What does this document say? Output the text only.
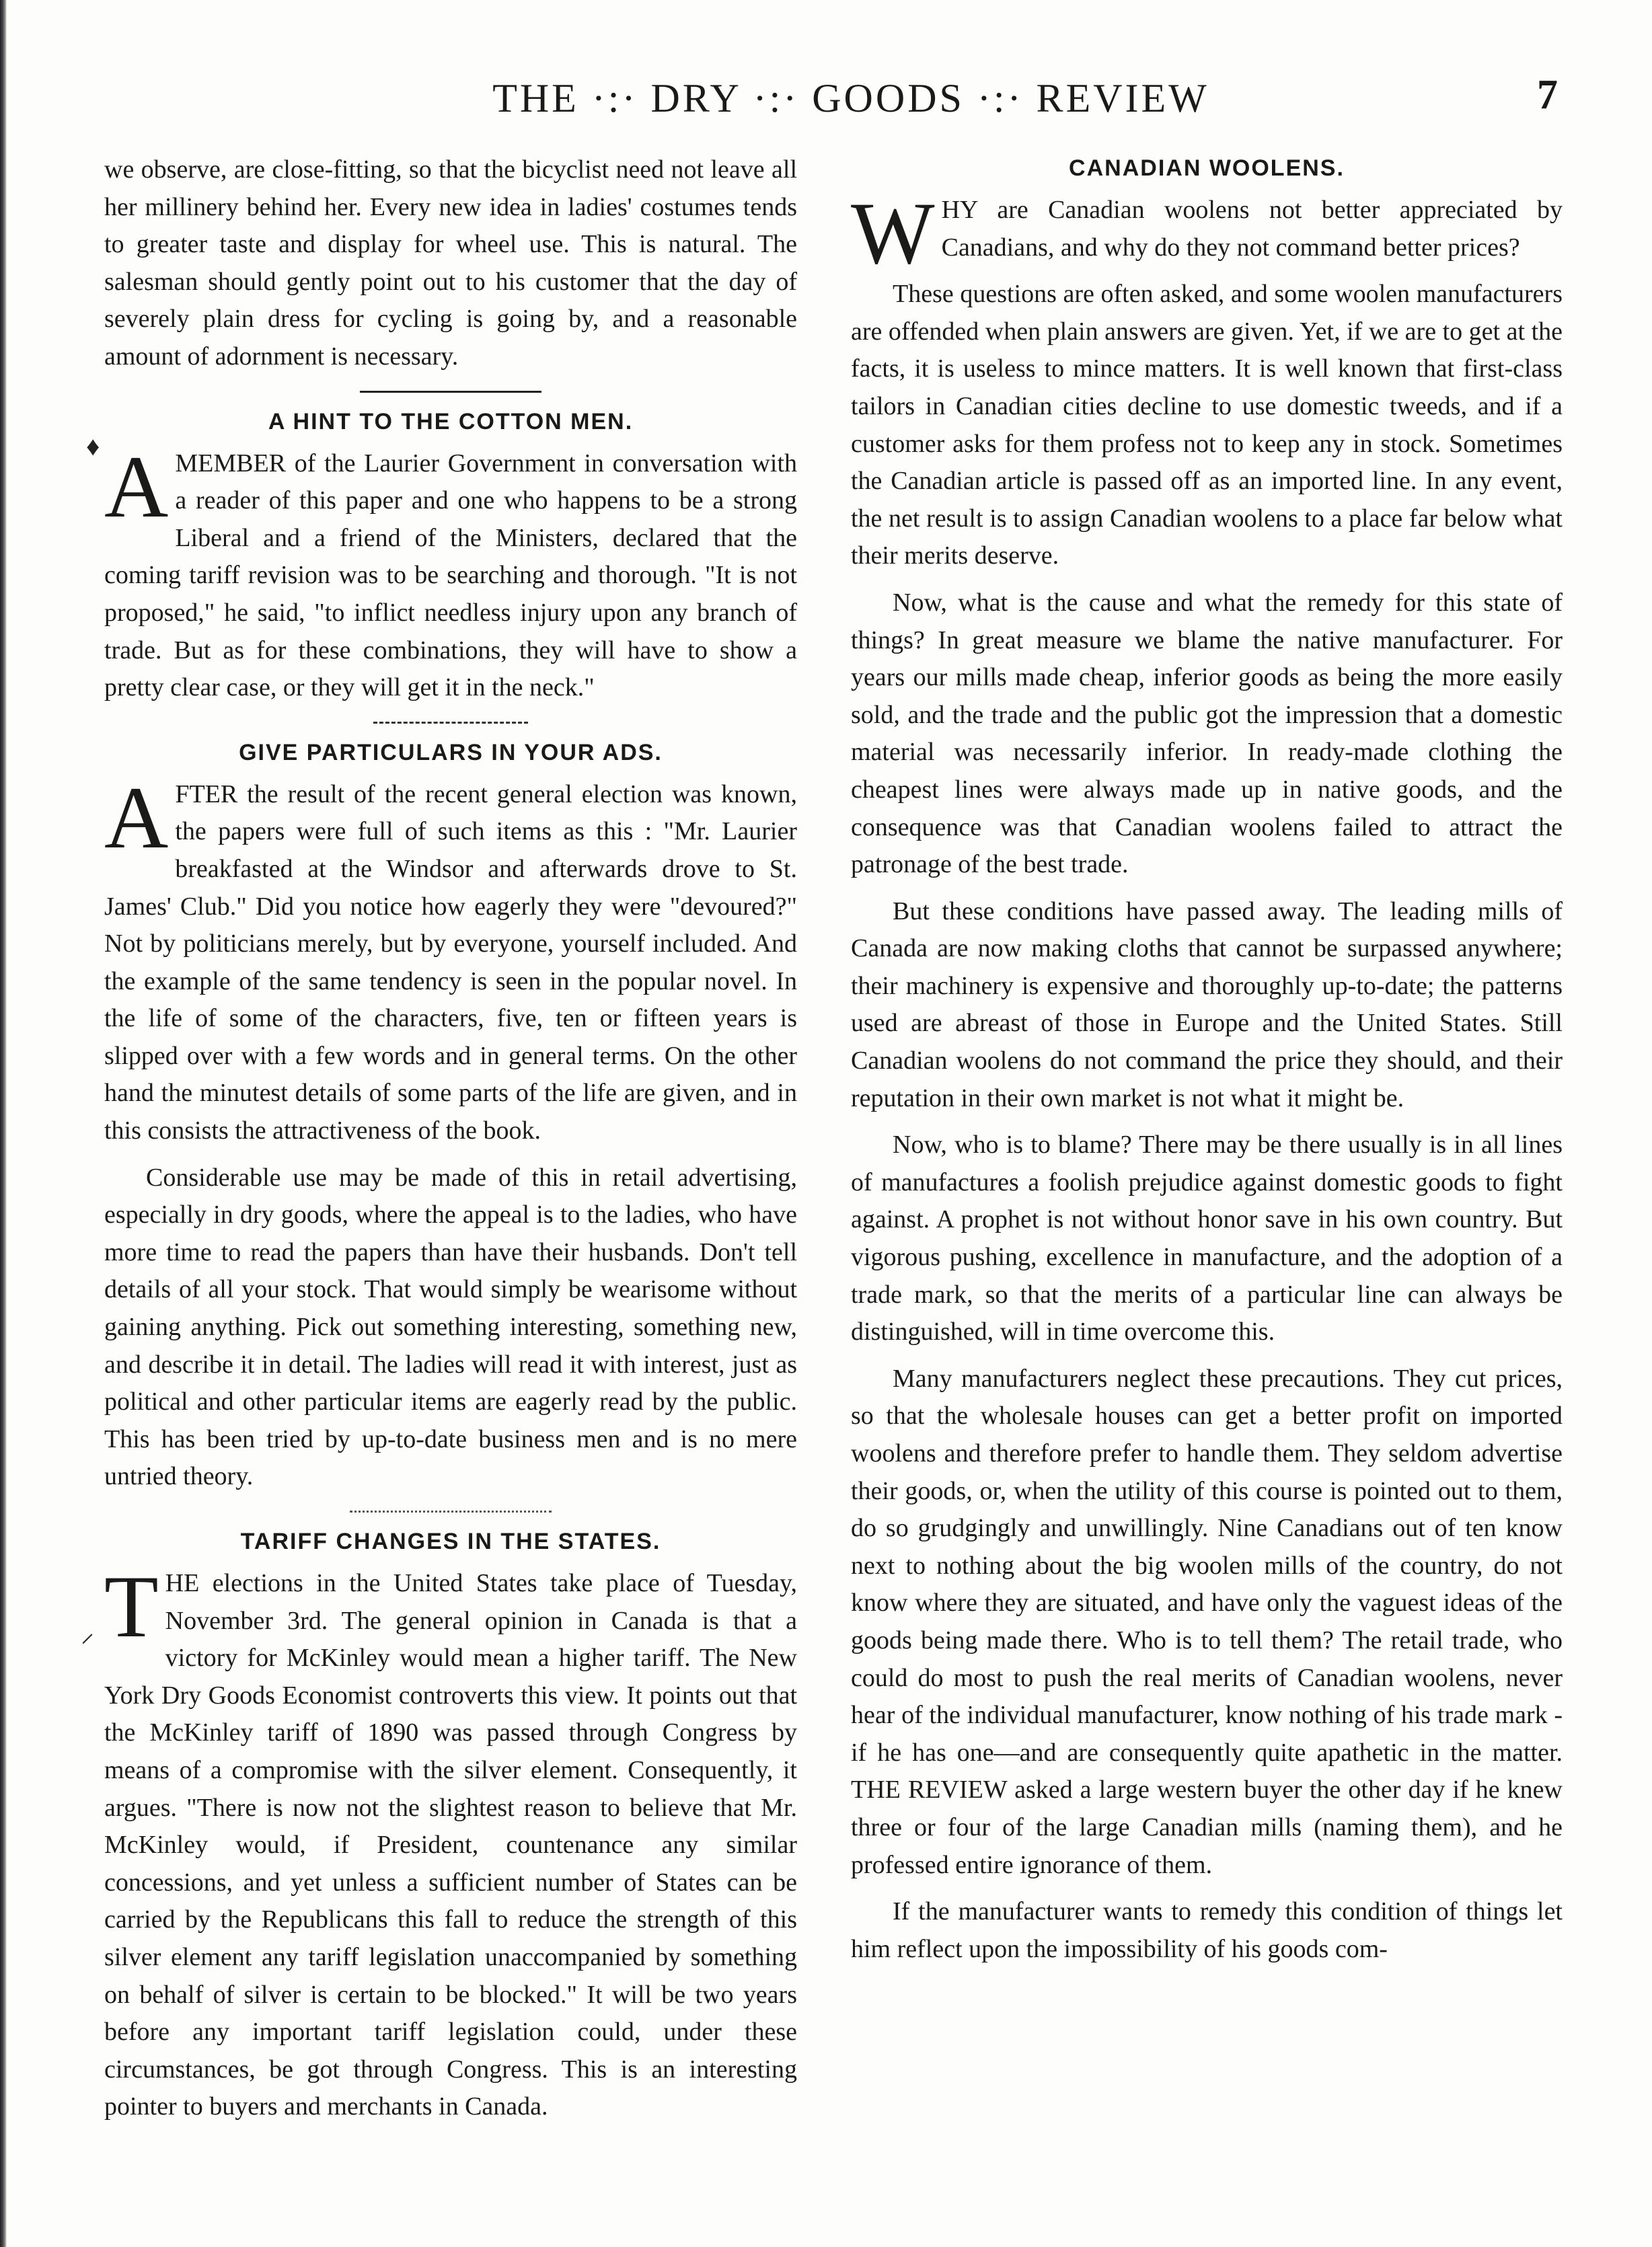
THE ·:· DRY ·:· GOODS ·:· REVIEW	7
♦
⸝

we observe, are close-fitting, so that the bicyclist need not leave all her millinery behind her. Every new idea in ladies' costumes tends to greater taste and display for wheel use. This is natural. The salesman should gently point out to his customer that the day of severely plain dress for cycling is going by, and a reasonable amount of adornment is necessary.

A HINT TO THE COTTON MEN.

AMEMBER of the Laurier Government in conversation with a reader of this paper and one who happens to be a strong Liberal and a friend of the Ministers, declared that the coming tariff revision was to be searching and thorough. "It is not proposed," he said, "to inflict needless injury upon any branch of trade. But as for these combinations, they will have to show a pretty clear case, or they will get it in the neck."

GIVE PARTICULARS IN YOUR ADS.

AFTER the result of the recent general election was known, the papers were full of such items as this : "Mr. Laurier breakfasted at the Windsor and afterwards drove to St. James' Club." Did you notice how eagerly they were "devoured?" Not by politicians merely, but by everyone, yourself included. And the example of the same tendency is seen in the popular novel. In the life of some of the characters, five, ten or fifteen years is slipped over with a few words and in general terms. On the other hand the minutest details of some parts of the life are given, and in this consists the attractiveness of the book.

Considerable use may be made of this in retail advertising, especially in dry goods, where the appeal is to the ladies, who have more time to read the papers than have their husbands. Don't tell details of all your stock. That would simply be wearisome without gaining anything. Pick out something interesting, something new, and describe it in detail. The ladies will read it with interest, just as political and other particular items are eagerly read by the public. This has been tried by up-to-date business men and is no mere untried theory.

TARIFF CHANGES IN THE STATES.

THE elections in the United States take place of Tuesday, November 3rd. The general opinion in Canada is that a victory for McKinley would mean a higher tariff. The New York Dry Goods Economist controverts this view. It points out that the McKinley tariff of 1890 was passed through Congress by means of a compromise with the silver element. Consequently, it argues. "There is now not the slightest reason to believe that Mr. McKinley would, if President, countenance any similar concessions, and yet unless a sufficient number of States can be carried by the Republicans this fall to reduce the strength of this silver element any tariff legislation unaccompanied by something on behalf of silver is certain to be blocked." It will be two years before any important tariff legislation could, under these circumstances, be got through Congress. This is an interesting pointer to buyers and merchants in Canada.

CANADIAN WOOLENS.

WHY are Canadian woolens not better appreciated by Canadians, and why do they not command better prices?

These questions are often asked, and some woolen manufacturers are offended when plain answers are given. Yet, if we are to get at the facts, it is useless to mince matters. It is well known that first-class tailors in Canadian cities decline to use domestic tweeds, and if a customer asks for them profess not to keep any in stock. Sometimes the Canadian article is passed off as an imported line. In any event, the net result is to assign Canadian woolens to a place far below what their merits deserve.

Now, what is the cause and what the remedy for this state of things? In great measure we blame the native manufacturer. For years our mills made cheap, inferior goods as being the more easily sold, and the trade and the public got the impression that a domestic material was necessarily inferior. In ready-made clothing the cheapest lines were always made up in native goods, and the consequence was that Canadian woolens failed to attract the patronage of the best trade.

But these conditions have passed away. The leading mills of Canada are now making cloths that cannot be surpassed anywhere; their machinery is expensive and thoroughly up-to-date; the patterns used are abreast of those in Europe and the United States. Still Canadian woolens do not command the price they should, and their reputation in their own market is not what it might be.

Now, who is to blame? There may be there usually is in all lines of manufactures a foolish prejudice against domestic goods to fight against. A prophet is not without honor save in his own country. But vigorous pushing, excellence in manufacture, and the adoption of a trade mark, so that the merits of a particular line can always be distinguished, will in time overcome this.

Many manufacturers neglect these precautions. They cut prices, so that the wholesale houses can get a better profit on imported woolens and therefore prefer to handle them. They seldom advertise their goods, or, when the utility of this course is pointed out to them, do so grudgingly and unwillingly. Nine Canadians out of ten know next to nothing about the big woolen mills of the country, do not know where they are situated, and have only the vaguest ideas of the goods being made there. Who is to tell them? The retail trade, who could do most to push the real merits of Canadian woolens, never hear of the individual manufacturer, know nothing of his trade mark -if he has one—and are consequently quite apathetic in the matter. THE REVIEW asked a large western buyer the other day if he knew three or four of the large Canadian mills (naming them), and he professed entire ignorance of them.

If the manufacturer wants to remedy this condition of things let him reflect upon the impossibility of his goods com-
